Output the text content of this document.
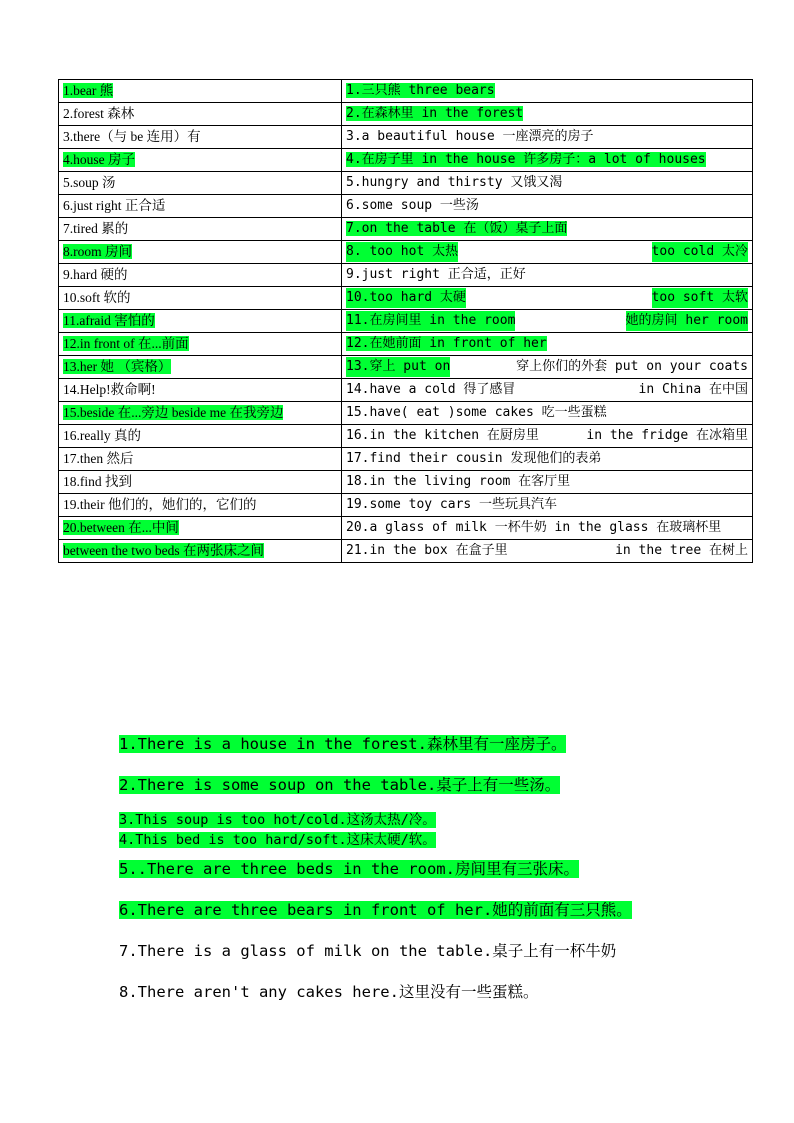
1.bear 熊	1.三只熊 three bears
2.forest 森林	2.在森林里 in the forest
3.there（与 be 连用）有	3.a beautiful house 一座漂亮的房子
4.house 房子	4.在房子里 in the house 许多房子：a lot of houses
5.soup 汤	5.hungry and thirsty 又饿又渴
6.just right 正合适	6.some soup 一些汤
7.tired 累的	7.on the table 在（饭）桌子上面
8.room 房间	8. too hot 太热 too cold 太冷

9.hard 硬的	9.just right 正合适，正好
10.soft 软的	10.too hard 太硬 too soft 太软

11.afraid 害怕的	11.在房间里 in the room 她的房间 her room

12.in front of 在...前面	12.在她前面 in front of her
13.her 她 （宾格）	13.穿上 put on 穿上你们的外套 put on your coats

14.Help!救命啊!	14.have a cold 得了感冒 in China 在中国

15.beside 在...旁边 beside me 在我旁边	15.have( eat )some cakes 吃一些蛋糕
16.really 真的	16.in the kitchen 在厨房里 in the fridge 在冰箱里

17.then 然后	17.find their cousin 发现他们的表弟
18.find 找到	18.in the living room 在客厅里
19.their 他们的，她们的，它们的	19.some toy cars 一些玩具汽车
20.between 在...中间	20.a glass of milk 一杯牛奶 in the glass 在玻璃杯里
between the two beds 在两张床之间	21.in the box 在盒子里 in the tree 在树上
1.There is a house in the forest.森林里有一座房子。
2.There is some soup on the table.桌子上有一些汤。
3.This soup is too hot/cold.这汤太热/冷。
4.This bed is too hard/soft.这床太硬/软。
5..There are three beds in the room.房间里有三张床。
6.There are three bears in front of her.她的前面有三只熊。
7.There is a glass of milk on the table.桌子上有一杯牛奶
8.There aren't any cakes here.这里没有一些蛋糕。
